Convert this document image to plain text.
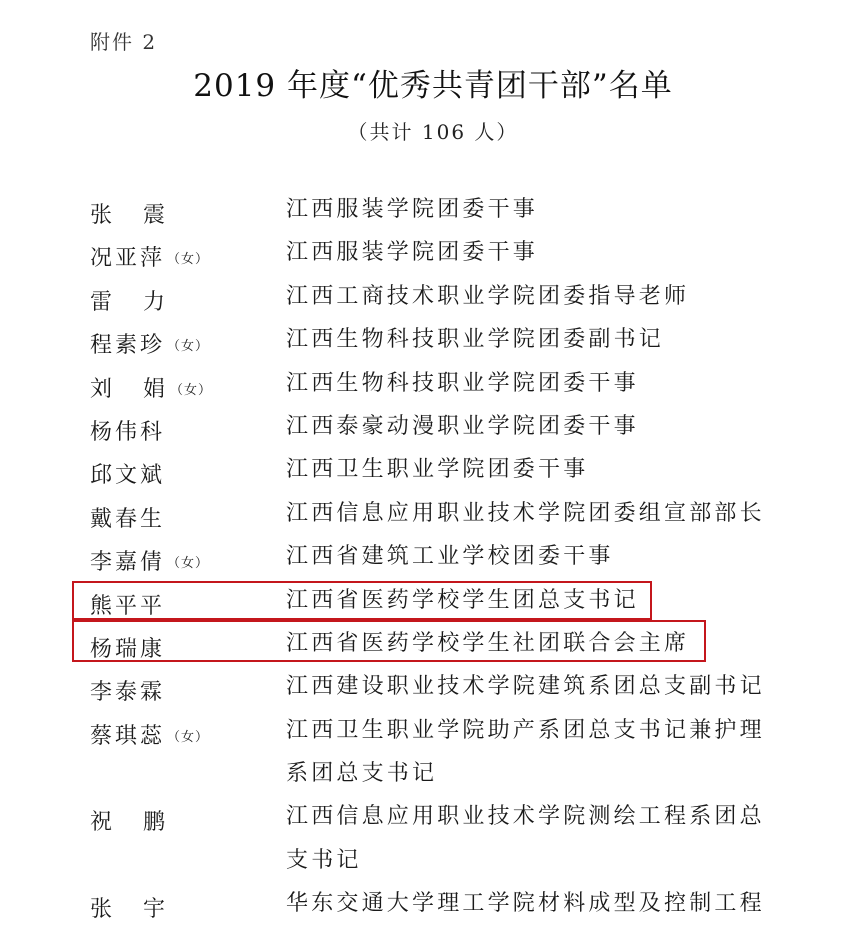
附件 2
2019 年度“优秀共青团干部”名单
（共计 106 人）
张 震	江西服装学院团委干事
况亚萍 （女）	江西服装学院团委干事
雷 力	江西工商技术职业学院团委指导老师
程素珍 （女）	江西生物科技职业学院团委副书记
刘 娟 （女）	江西生物科技职业学院团委干事
杨伟科	江西泰豪动漫职业学院团委干事
邱文斌	江西卫生职业学院团委干事
戴春生	江西信息应用职业技术学院团委组宣部部长
李嘉倩 （女）	江西省建筑工业学校团委干事
熊平平	江西省医药学校学生团总支书记
杨瑞康	江西省医药学校学生社团联合会主席
李泰霖	江西建设职业技术学院建筑系团总支副书记
蔡琪蕊 （女）	江西卫生职业学院助产系团总支书记兼护理系团总支书记
祝 鹏	江西信息应用职业技术学院测绘工程系团总支书记
张 宇	华东交通大学理工学院材料成型及控制工程
